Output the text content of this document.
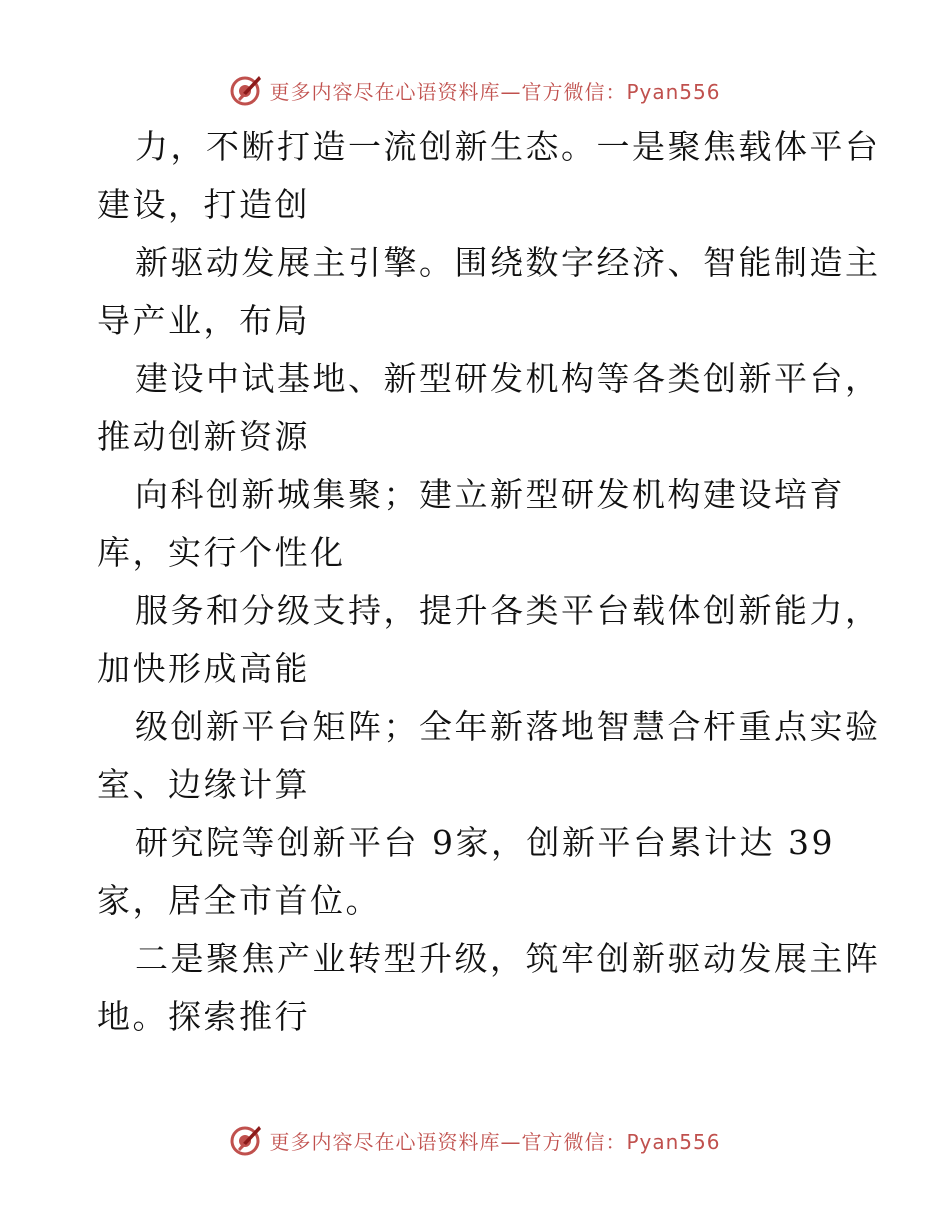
更多内容尽在心语资料库—官方微信：Pyan556
力，不断打造一流创新生态。一是聚焦载体平台
建设，打造创
新驱动发展主引擎。围绕数字经济、智能制造主
导产业，布局
建设中试基地、新型研发机构等各类创新平台，
推动创新资源
向科创新城集聚；建立新型研发机构建设培育
库，实行个性化
服务和分级支持，提升各类平台载体创新能力，
加快形成高能
级创新平台矩阵；全年新落地智慧合杆重点实验
室、边缘计算
研究院等创新平台 9家，创新平台累计达 39
家，居全市首位。
二是聚焦产业转型升级，筑牢创新驱动发展主阵
地。探索推行
更多内容尽在心语资料库—官方微信：Pyan556
